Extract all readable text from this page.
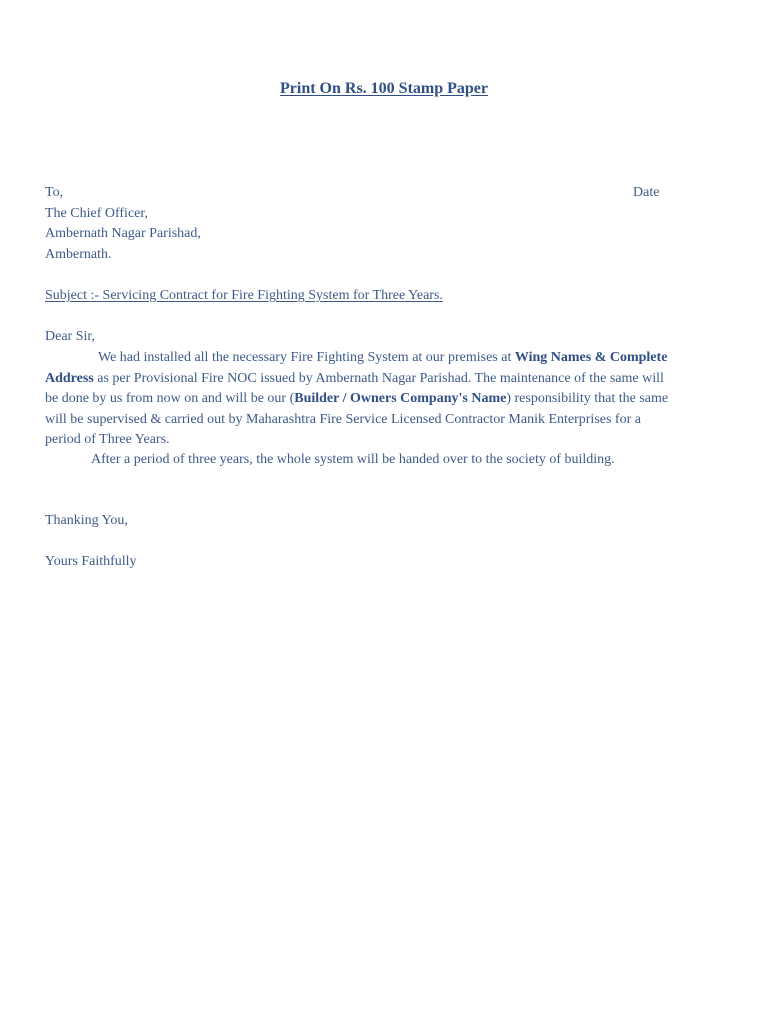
Print On Rs. 100 Stamp Paper
To,
The Chief Officer,
Ambernath Nagar Parishad,
Ambernath.
Date
Subject :- Servicing Contract for Fire Fighting System for Three Years.
Dear Sir,
We had installed all the necessary Fire Fighting System at our premises at Wing Names & Complete
Address as per Provisional Fire NOC issued by Ambernath Nagar Parishad. The maintenance of the same will
be done by us from now on and will be our (Builder / Owners Company's Name) responsibility that the same
will be supervised & carried out by Maharashtra Fire Service Licensed Contractor Manik Enterprises for a
period of Three Years.
After a period of three years, the whole system will be handed over to the society of building.
Thanking You,
Yours Faithfully
